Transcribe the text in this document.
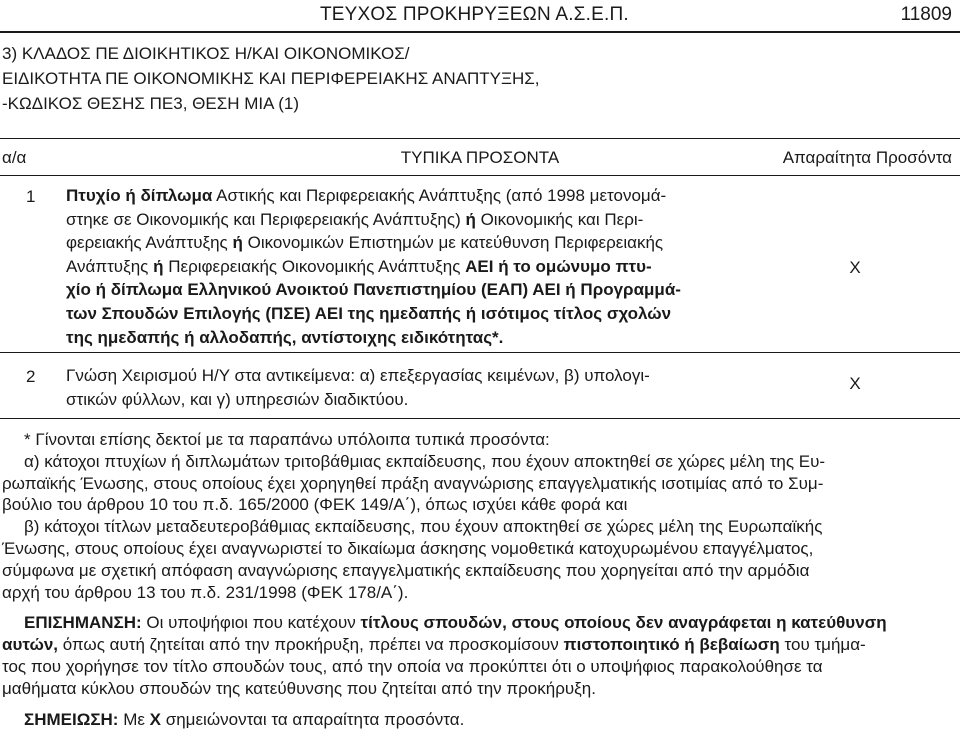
ΤΕΥΧΟΣ ΠΡΟΚΗΡΥΞΕΩΝ Α.Σ.Ε.Π.	11809
3) ΚΛΑΔΟΣ ΠΕ ΔΙΟΙΚΗΤΙΚΟΣ Η/ΚΑΙ ΟΙΚΟΝΟΜΙΚΟΣ/
ΕΙΔΙΚΟΤΗΤΑ ΠΕ ΟΙΚΟΝΟΜΙΚΗΣ ΚΑΙ ΠΕΡΙΦΕΡΕΙΑΚΗΣ ΑΝΑΠΤΥΞΗΣ,
-ΚΩΔΙΚΟΣ ΘΕΣΗΣ ΠΕ3, ΘΕΣΗ ΜΙΑ (1)
α/α	ΤΥΠΙΚΑ ΠΡΟΣΟΝΤΑ	Απαραίτητα Προσόντα
1 Πτυχίο ή δίπλωμα Αστικής και Περιφερειακής Ανάπτυξης (από 1998 μετονομά-
στηκε σε Οικονομικής και Περιφερειακής Ανάπτυξης) ή Οικονομικής και Περι-
φερειακής Ανάπτυξης ή Οικονομικών Επιστημών με κατεύθυνση Περιφερειακής
Ανάπτυξης ή Περιφερειακής Οικονομικής Ανάπτυξης ΑΕΙ ή το ομώνυμο πτυ-
χίο ή δίπλωμα Ελληνικού Ανοικτού Πανεπιστημίου (ΕΑΠ) ΑΕΙ ή Προγραμμά-
των Σπουδών Επιλογής (ΠΣΕ) ΑΕΙ της ημεδαπής ή ισότιμος τίτλος σχολών
της ημεδαπής ή αλλοδαπής, αντίστοιχης ειδικότητας*.
Χ
2 Γνώση Χειρισμού Η/Υ στα αντικείμενα: α) επεξεργασίας κειμένων, β) υπολογι-
στικών φύλλων, και γ) υπηρεσιών διαδικτύου.
Χ
* Γίνονται επίσης δεκτοί με τα παραπάνω υπόλοιπα τυπικά προσόντα:
α) κάτοχοι πτυχίων ή διπλωμάτων τριτοβάθμιας εκπαίδευσης, που έχουν αποκτηθεί σε χώρες μέλη της Ευ-
ρωπαϊκής Ένωσης, στους οποίους έχει χορηγηθεί πράξη αναγνώρισης επαγγελματικής ισοτιμίας από το Συμ-
βούλιο του άρθρου 10 του π.δ. 165/2000 (ΦΕΚ 149/Α΄), όπως ισχύει κάθε φορά και
β) κάτοχοι τίτλων μεταδευτεροβάθμιας εκπαίδευσης, που έχουν αποκτηθεί σε χώρες μέλη της Ευρωπαϊκής
Ένωσης, στους οποίους έχει αναγνωριστεί το δικαίωμα άσκησης νομοθετικά κατοχυρωμένου επαγγέλματος,
σύμφωνα με σχετική απόφαση αναγνώρισης επαγγελματικής εκπαίδευσης που χορηγείται από την αρμόδια
αρχή του άρθρου 13 του π.δ. 231/1998 (ΦΕΚ 178/Α΄).
ΕΠΙΣΗΜΑΝΣΗ: Οι υποψήφιοι που κατέχουν τίτλους σπουδών, στους οποίους δεν αναγράφεται η κατεύθυνση
αυτών, όπως αυτή ζητείται από την προκήρυξη, πρέπει να προσκομίσουν πιστοποιητικό ή βεβαίωση του τμήμα-
τος που χορήγησε τον τίτλο σπουδών τους, από την οποία να προκύπτει ότι ο υποψήφιος παρακολούθησε τα
μαθήματα κύκλου σπουδών της κατεύθυνσης που ζητείται από την προκήρυξη.
ΣΗΜΕΙΩΣΗ: Με Χ σημειώνονται τα απαραίτητα προσόντα.
